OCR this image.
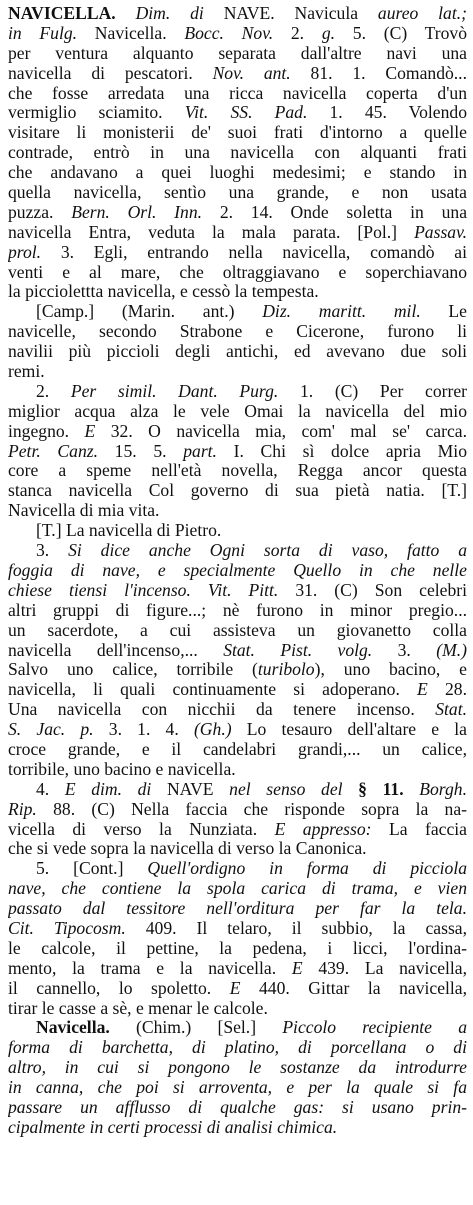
NAVICELLA. Dim. di NAVE. Navicula aureo lat.;
in Fulg. Navicella. Bocc. Nov. 2. g. 5. (C) Trovò
per ventura alquanto separata dall'altre navi una
navicella di pescatori. Nov. ant. 81. 1. Comandò...
che fosse arredata una ricca navicella coperta d'un
vermiglio sciamito. Vit. SS. Pad. 1. 45. Volendo
visitare li monisterii de' suoi frati d'intorno a quelle
contrade, entrò in una navicella con alquanti frati
che andavano a quei luoghi medesimi; e stando in
quella navicella, sentìo una grande, e non usata
puzza. Bern. Orl. Inn. 2. 14. Onde soletta in una
navicella Entra, veduta la mala parata. [Pol.] Passav.
prol. 3. Egli, entrando nella navicella, comandò ai
venti e al mare, che oltraggiavano e soperchiavano
la picciolettta navicella, e cessò la tempesta.
[Camp.] (Marin. ant.) Diz. maritt. mil. Le
navicelle, secondo Strabone e Cicerone, furono li
navilii più piccioli degli antichi, ed avevano due soli
remi.
2. Per simil. Dant. Purg. 1. (C) Per correr
miglior acqua alza le vele Omai la navicella del mio
ingegno. E 32. O navicella mia, com' mal se' carca.
Petr. Canz. 15. 5. part. I. Chi sì dolce apria Mio
core a speme nell'età novella, Regga ancor questa
stanca navicella Col governo di sua pietà natia. [T.]
Navicella di mia vita.
[T.] La navicella di Pietro.
3. Si dice anche Ogni sorta di vaso, fatto a
foggia di nave, e specialmente Quello in che nelle
chiese tiensi l'incenso. Vit. Pitt. 31. (C) Son celebri
altri gruppi di figure...; nè furono in minor pregio...
un sacerdote, a cui assisteva un giovanetto colla
navicella dell'incenso,... Stat. Pist. volg. 3. (M.)
Salvo uno calice, torribile (turibolo), uno bacino, e
navicella, li quali continuamente si adoperano. E 28.
Una navicella con nicchii da tenere incenso. Stat.
S. Jac. p. 3. 1. 4. (Gh.) Lo tesauro dell'altare e la
croce grande, e il candelabri grandi,... un calice,
torribile, uno bacino e navicella.
4. E dim. di NAVE nel senso del § 11. Borgh.
Rip. 88. (C) Nella faccia che risponde sopra la na-
vicella di verso la Nunziata. E appresso: La faccia
che si vede sopra la navicella di verso la Canonica.
5. [Cont.] Quell'ordigno in forma di picciola
nave, che contiene la spola carica di trama, e vien
passato dal tessitore nell'orditura per far la tela.
Cit. Tipocosm. 409. Il telaro, il subbio, la cassa,
le calcole, il pettine, la pedena, i licci, l'ordina-
mento, la trama e la navicella. E 439. La navicella,
il cannello, lo spoletto. E 440. Gittar la navicella,
tirar le casse a sè, e menar le calcole.
Navicella. (Chim.) [Sel.] Piccolo recipiente a
forma di barchetta, di platino, di porcellana o di
altro, in cui si pongono le sostanze da introdurre
in canna, che poi si arroventa, e per la quale si fa
passare un afflusso di qualche gas: si usano prin-
cipalmente in certi processi di analisi chimica.
